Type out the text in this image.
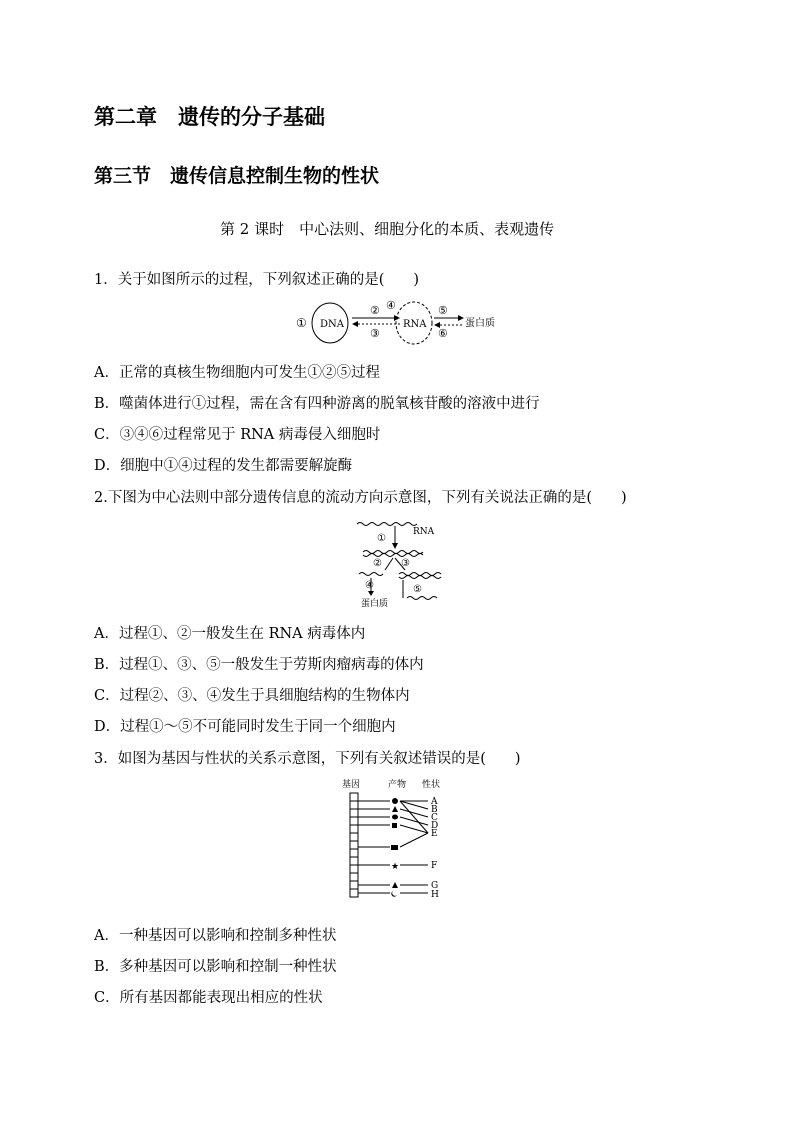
第二章　遗传的分子基础
第三节　遗传信息控制生物的性状
第 2 课时　中心法则、细胞分化的本质、表观遗传
1．关于如图所示的过程，下列叙述正确的是(　　)
① DNA
②
③
④
RNA
⑤
⑥
蛋白质
A．正常的真核生物细胞内可发生①②⑤过程
B．噬菌体进行①过程，需在含有四种游离的脱氧核苷酸的溶液中进行
C．③④⑥过程常见于 RNA 病毒侵入细胞时
D．细胞中①④过程的发生都需要解旋酶
2.下图为中心法则中部分遗传信息的流动方向示意图，下列有关说法正确的是(　　)
RNA
①
② ③
④	⑤
蛋白质
A．过程①、②一般发生在 RNA 病毒体内
B．过程①、③、⑤一般发生于劳斯肉瘤病毒的体内
C．过程②、③、④发生于具细胞结构的生物体内
D．过程①～⑤不可能同时发生于同一个细胞内
3．如图为基因与性状的关系示意图，下列有关叙述错误的是(　　)
基因	产物 性状
★
A
B
C
D
E
F
G
H
A．一种基因可以影响和控制多种性状
B．多种基因可以影响和控制一种性状
C．所有基因都能表现出相应的性状
